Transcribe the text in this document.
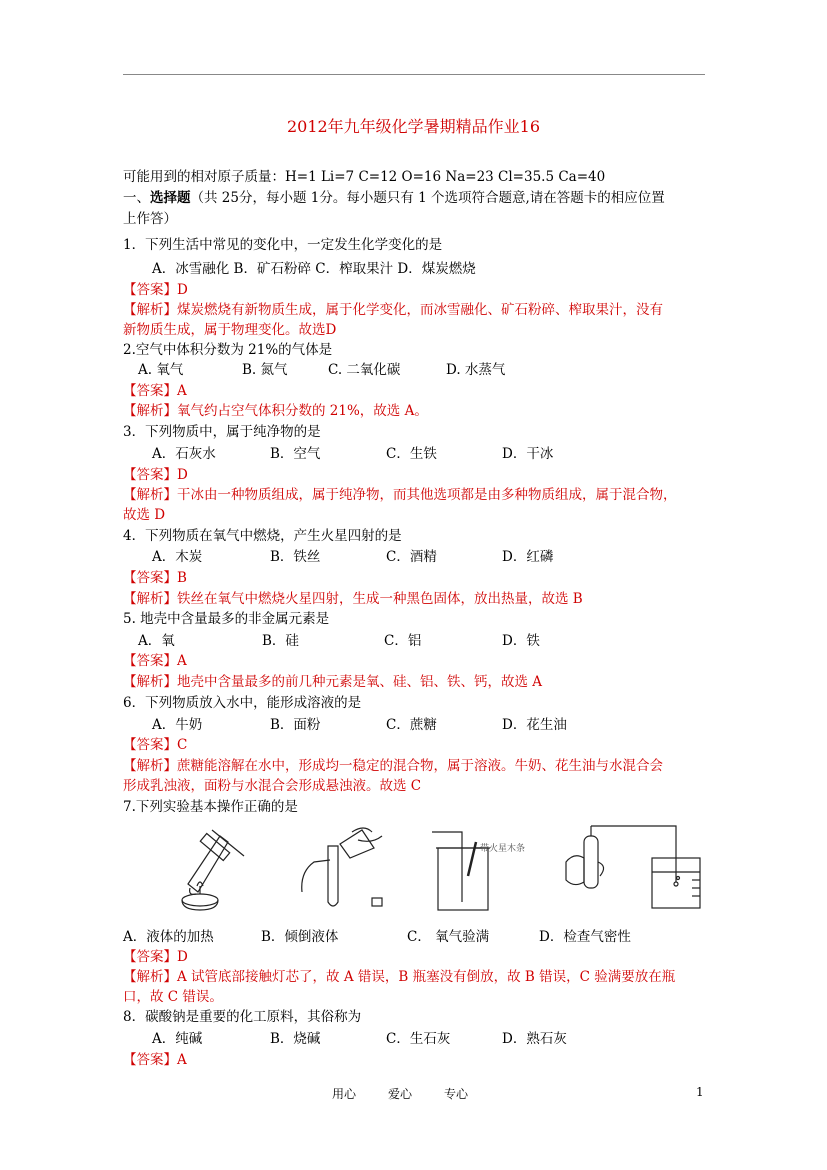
2012年九年级化学暑期精品作业16
可能用到的相对原子质量：H=1 Li=7 C=12 O=16 Na=23 Cl=35.5 Ca=40
一、选择题（共 25分，每小题 1分。每小题只有 1 个选项符合题意,请在答题卡的相应位置
上作答）
1．下列生活中常见的变化中，一定发生化学变化的是
A．冰雪融化 B．矿石粉碎 C．榨取果汁 D．煤炭燃烧
【答案】D
【解析】煤炭燃烧有新物质生成，属于化学变化，而冰雪融化、矿石粉碎、榨取果汁，没有
新物质生成，属于物理变化。故选D
2.空气中体积分数为 21%的气体是
A. 氧气	B. 氮气	C. 二氧化碳	D. 水蒸气
【答案】A
【解析】氧气约占空气体积分数的 21%，故选 A。
3．下列物质中，属于纯净物的是
A．石灰水	B．空气	C．生铁	D．干冰
【答案】D
【解析】干冰由一种物质组成，属于纯净物，而其他选项都是由多种物质组成，属于混合物，
故选 D
4．下列物质在氧气中燃烧，产生火星四射的是
A．木炭	B．铁丝	C．酒精	D．红磷
【答案】B
【解析】铁丝在氧气中燃烧火星四射，生成一种黑色固体，放出热量，故选 B
5. 地壳中含量最多的非金属元素是
A．氧	B．硅	C．铝	D．铁
【答案】A
【解析】地壳中含量最多的前几种元素是氧、硅、铝、铁、钙，故选 A
6．下列物质放入水中，能形成溶液的是
A．牛奶	B．面粉	C．蔗糖	D．花生油
【答案】C
【解析】蔗糖能溶解在水中，形成均一稳定的混合物，属于溶液。牛奶、花生油与水混合会
形成乳浊液，面粉与水混合会形成悬浊液。故选 C
7.下列实验基本操作正确的是
带火星木条
A．液体的加热	B．倾倒液体	C． 氧气验满	D．检查气密性
【答案】D
【解析】A 试管底部接触灯芯了，故 A 错误，B 瓶塞没有倒放，故 B 错误，C 验满要放在瓶
口，故 C 错误。
8．碳酸钠是重要的化工原料，其俗称为
A．纯碱	B．烧碱	C．生石灰	D．熟石灰
【答案】A
用心	爱心	专心	1
